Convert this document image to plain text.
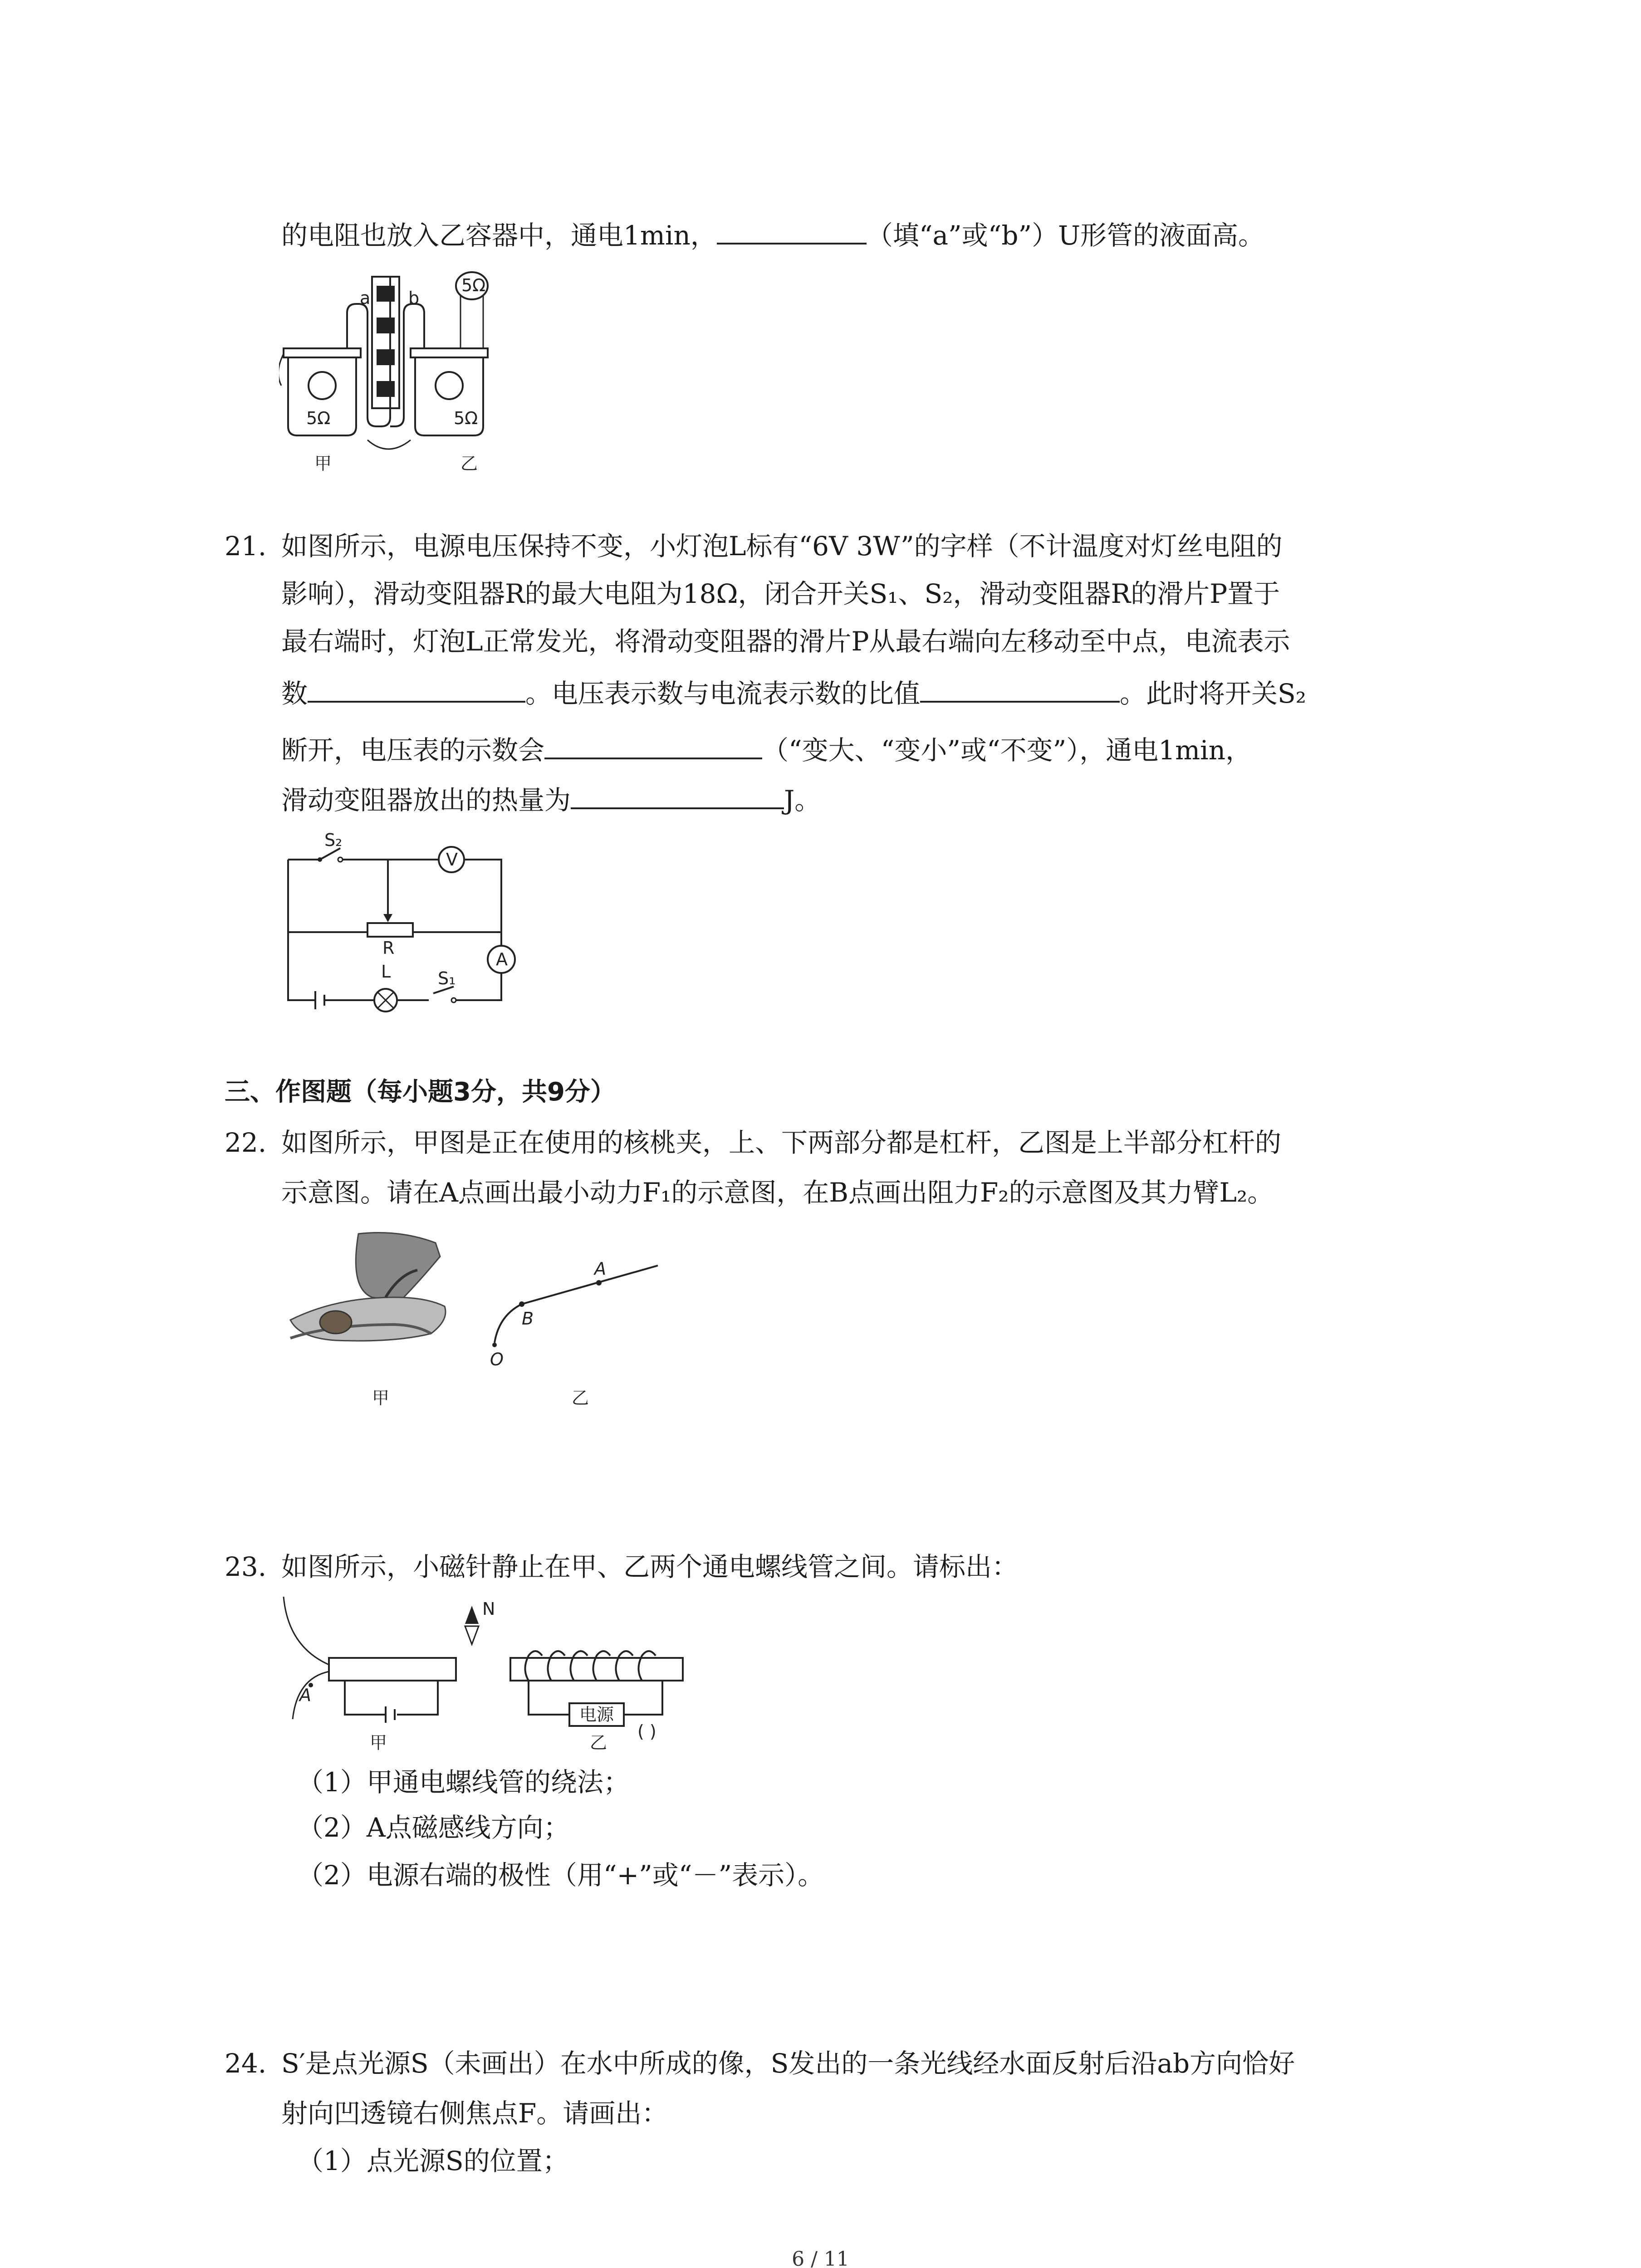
的电阻也放入乙容器中，通电1min，	（填“a”或“b”）U形管的液面高。
a b
5Ω
5Ω	5Ω
甲	乙
21. 如图所示，电源电压保持不变，小灯泡L标有“6V 3W”的字样（不计温度对灯丝电阻的
影响），滑动变阻器R的最大电阻为18Ω，闭合开关S₁、S₂，滑动变阻器R的滑片P置于
最右端时，灯泡L正常发光，将滑动变阻器的滑片P从最右端向左移动至中点，电流表示
数	。电压表示数与电流表示数的比值	。此时将开关S₂
断开，电压表的示数会	（“变大、“变小”或“不变”），通电1min，
滑动变阻器放出的热量为	J。
S₂
V
R
L	S₁
A
三、作图题（每小题3分，共9分）
22. 如图所示，甲图是正在使用的核桃夹，上、下两部分都是杠杆，乙图是上半部分杠杆的
示意图。请在A点画出最小动力F₁的示意图，在B点画出阻力F₂的示意图及其力臂L₂。
A
B
O
甲	乙
23. 如图所示，小磁针静止在甲、乙两个通电螺线管之间。请标出：
N
A
电源
甲	乙
( )
（1）甲通电螺线管的绕法；
（2）A点磁感线方向；
（2）电源右端的极性（用“+”或“－”表示）。
24. S′是点光源S（未画出）在水中所成的像，S发出的一条光线经水面反射后沿ab方向恰好
射向凹透镜右侧焦点F。请画出：
（1）点光源S的位置；
6 / 11
